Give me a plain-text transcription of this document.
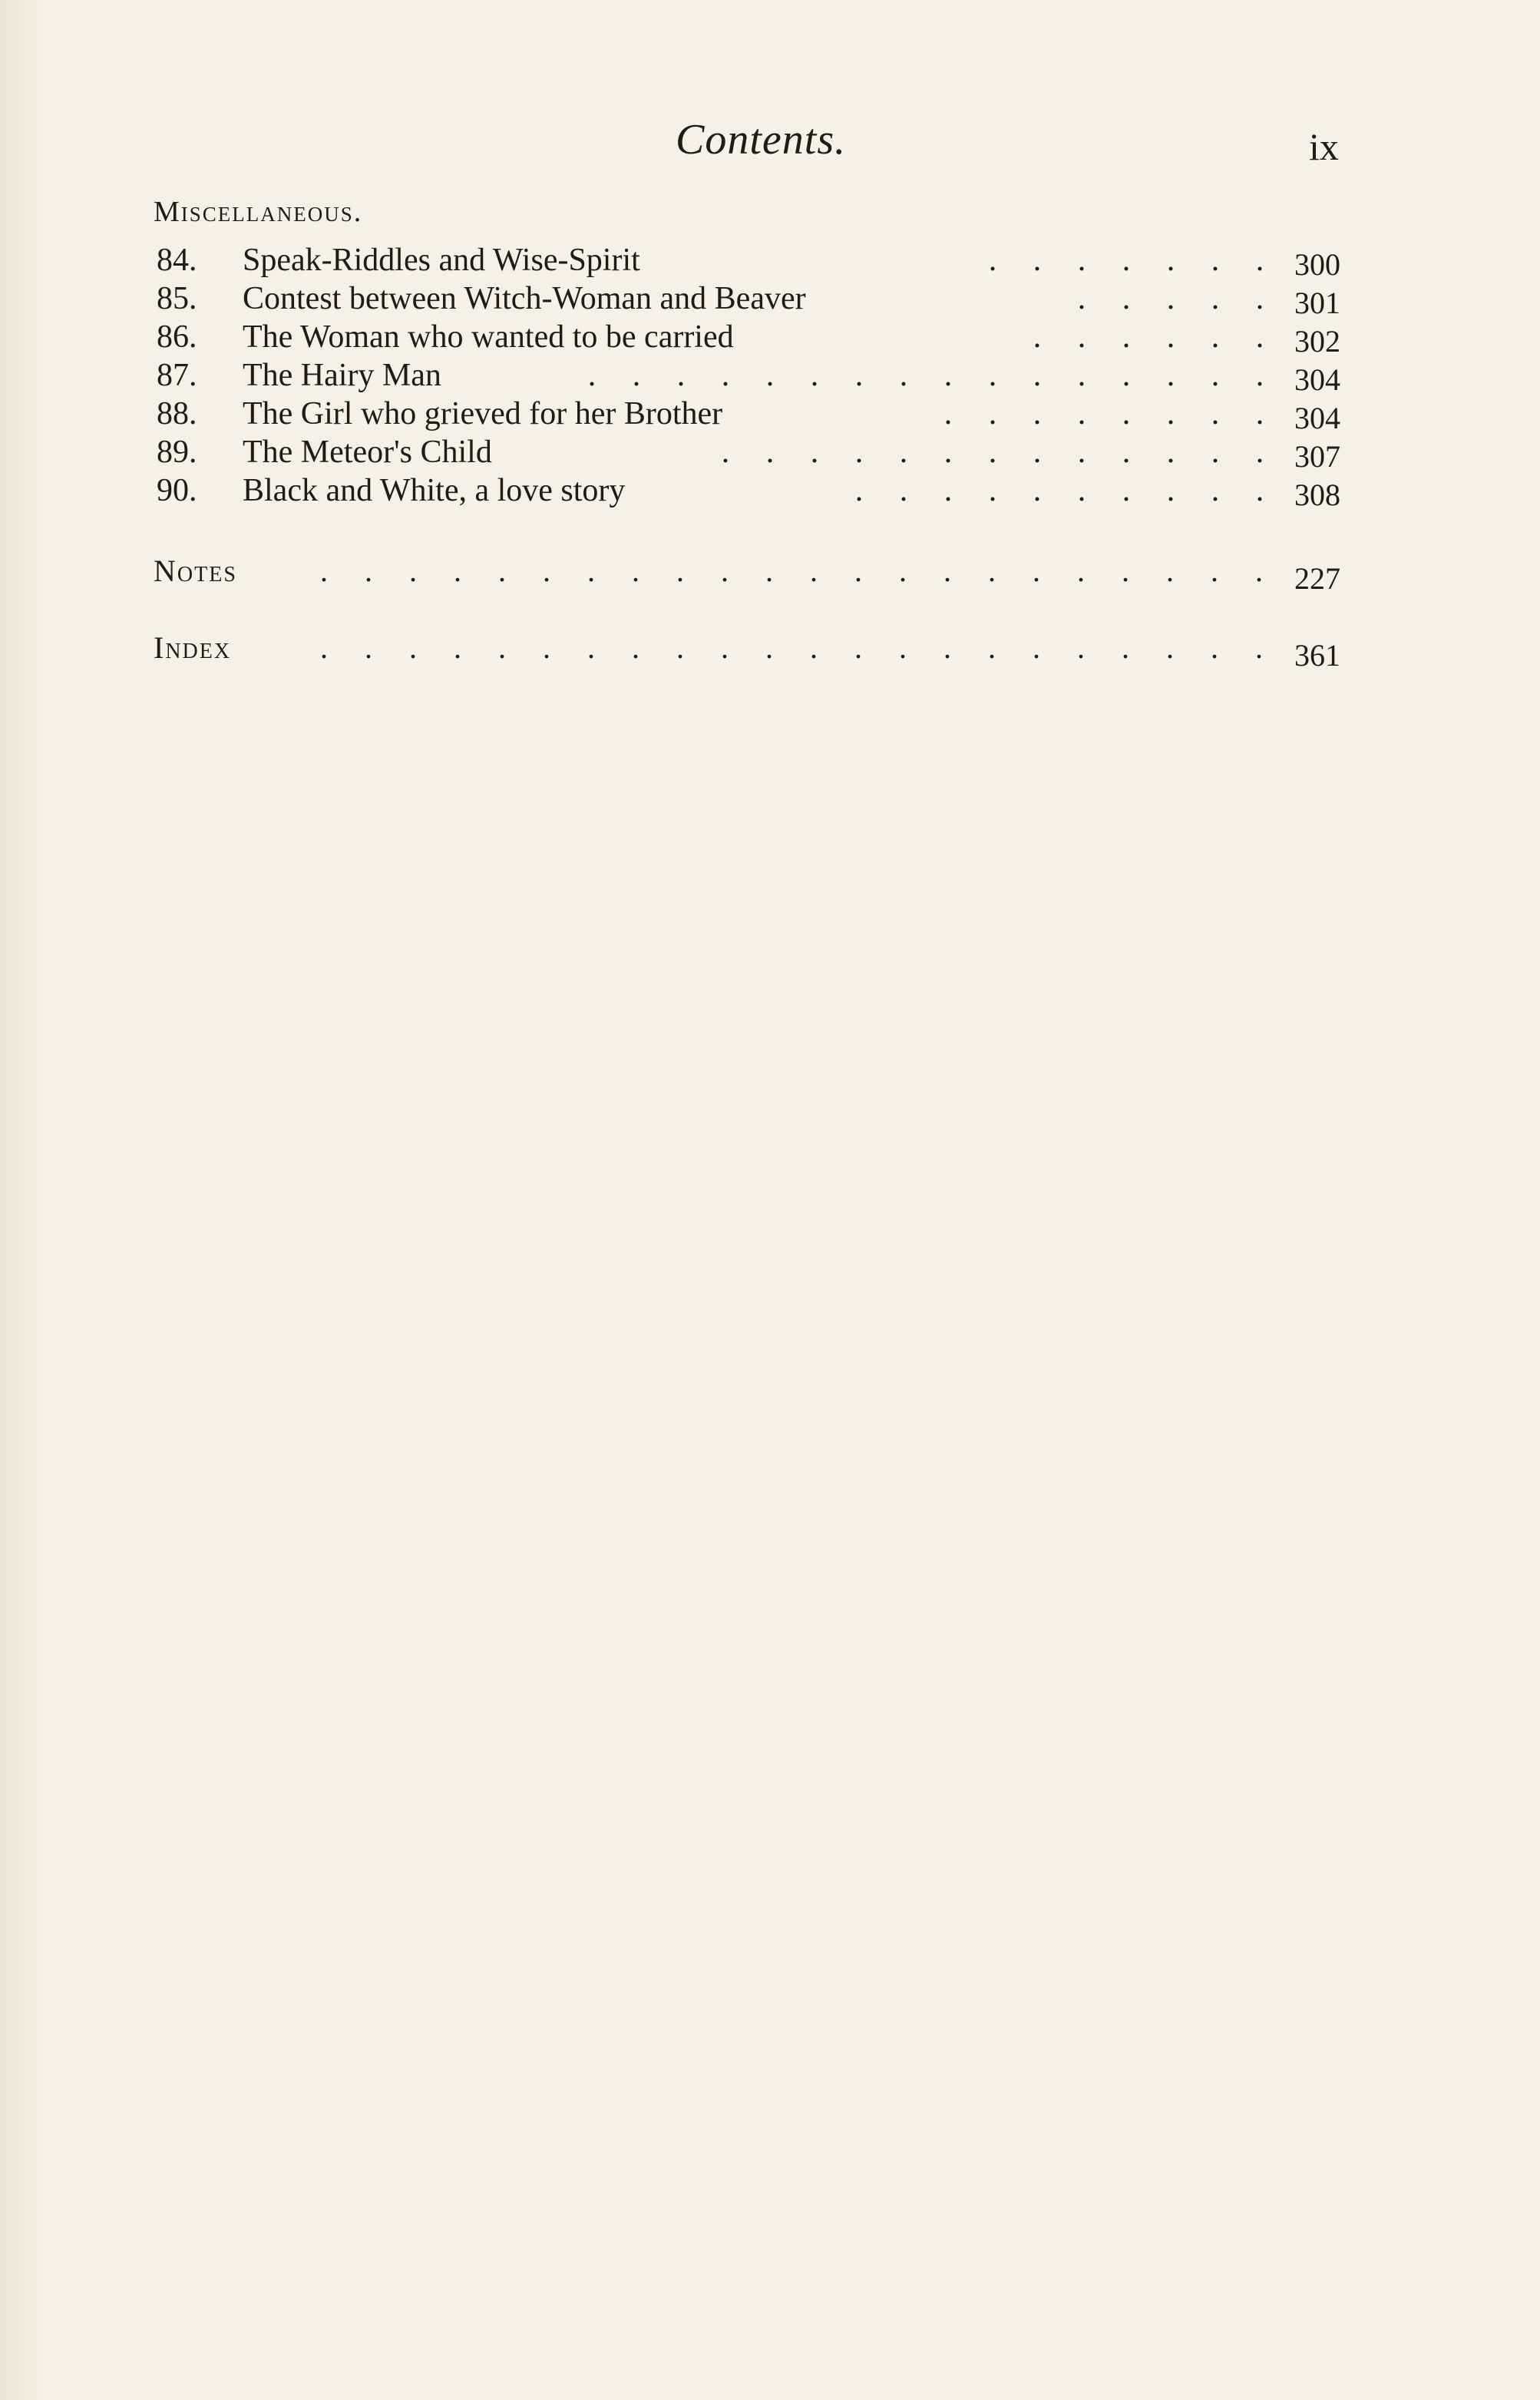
Contents.	ix
Miscellaneous.
84. Speak-Riddles and Wise-Spirit	.	.	.	.	.	.	. 300
85. Contest between Witch-Woman and Beaver	.	.	.	.	. 301
86. The Woman who wanted to be carried	.	.	.	.	.	. 302
87. The Hairy Man	.	.	.	.	.	.	.	.	.	.	.	.	.	.	.	. 304
88. The Girl who grieved for her Brother	.	.	.	.	.	.	.	. 304
89. The Meteor's Child	.	.	.	.	.	.	.	.	.	.	.	.	. 307
90. Black and White, a love story	.	.	.	.	.	.	.	.	.	. 308
Notes	.	.	.	.	.	.	.	.	.	.	.	.	.	.	.	.	.	.	.	.	.	. 227
Index	.	.	.	.	.	.	.	.	.	.	.	.	.	.	.	.	.	.	.	.	.	. 361
